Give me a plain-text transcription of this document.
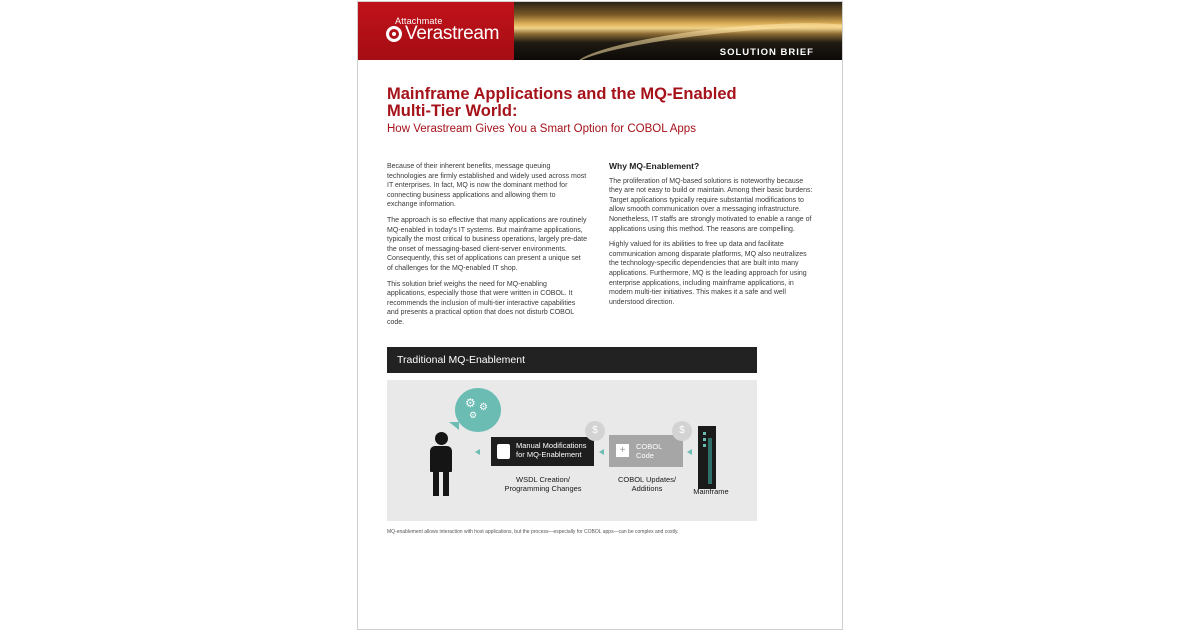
Attachmate
Verastream
SOLUTION BRIEF
Mainframe Applications and the MQ-Enabled
Multi-Tier World:
How Verastream Gives You a Smart Option for COBOL Apps

Because of their inherent benefits, message queuing technologies are firmly established and widely used across most IT enterprises. In fact, MQ is now the dominant method for connecting business applications and allowing them to exchange information.

The approach is so effective that many applications are routinely MQ-enabled in today's IT systems. But mainframe applications, typically the most critical to business operations, largely pre-date the onset of messaging-based client-server environments. Consequently, this set of applications can present a unique set of challenges for the MQ-enabled IT shop.

This solution brief weighs the need for MQ-enabling applications, especially those that were written in COBOL. It recommends the inclusion of multi-tier interactive capabilities and presents a practical option that does not disturb COBOL code.

Why MQ-Enablement?

The proliferation of MQ-based solutions is noteworthy because they are not easy to build or maintain. Among their basic burdens: Target applications typically require substantial modifications to allow smooth communication over a messaging infrastructure. Nonetheless, IT staffs are strongly motivated to enable a range of applications using this method. The reasons are compelling.

Highly valued for its abilities to free up data and facilitate communication among disparate platforms, MQ also neutralizes the technology-specific dependencies that are built into many applications. Furthermore, MQ is the leading approach for using enterprise applications, including mainframe applications, in modern multi-tier initiatives. This makes it a safe and well understood direction.

Traditional MQ-Enablement
⚙ ⚙
⚙
Manual Modifications for MQ-Enablement
$
+	COBOL Code
$
WSDL Creation/ Programming Changes
COBOL Updates/ Additions	Mainframe
MQ-enablement allows interaction with host applications, but the process—especially for COBOL apps—can be complex and costly.
